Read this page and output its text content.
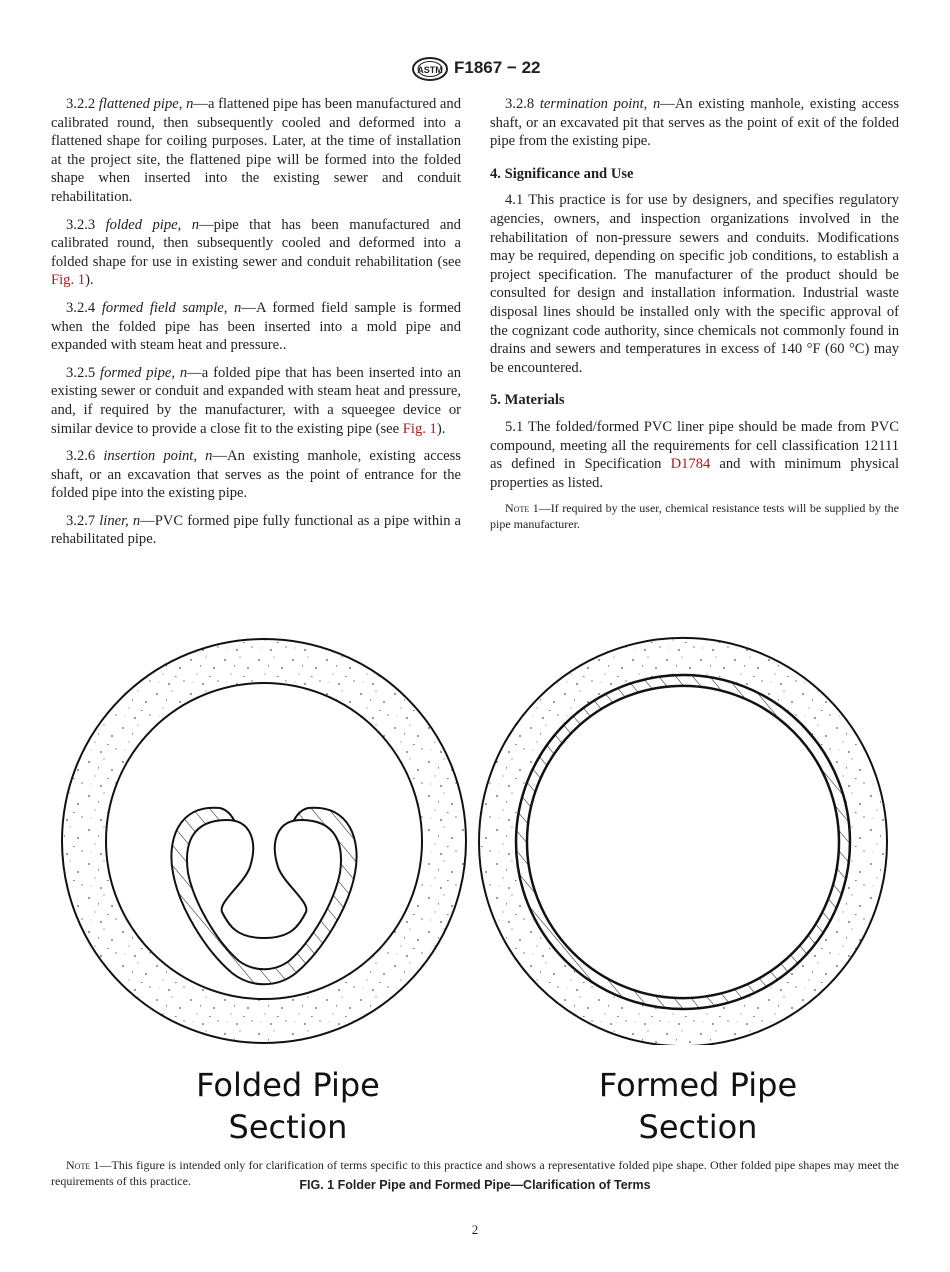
ASTM F1867 − 22

3.2.2 flattened pipe, n—a flattened pipe has been manufactured and calibrated round, then subsequently cooled and deformed into a flattened shape for coiling purposes. Later, at the time of installation at the project site, the flattened pipe will be formed into the folded shape when inserted into the existing sewer and conduit rehabilitation.

3.2.3 folded pipe, n—pipe that has been manufactured and calibrated round, then subsequently cooled and deformed into a folded shape for use in existing sewer and conduit rehabilitation (see Fig. 1).

3.2.4 formed field sample, n—A formed field sample is formed when the folded pipe has been inserted into a mold pipe and expanded with steam heat and pressure..

3.2.5 formed pipe, n—a folded pipe that has been inserted into an existing sewer or conduit and expanded with steam heat and pressure, and, if required by the manufacturer, with a squeegee device or similar device to provide a close fit to the existing pipe (see Fig. 1).

3.2.6 insertion point, n—An existing manhole, existing access shaft, or an excavation that serves as the point of entrance for the folded pipe into the existing pipe.

3.2.7 liner, n—PVC formed pipe fully functional as a pipe within a rehabilitated pipe.

3.2.8 termination point, n—An existing manhole, existing access shaft, or an excavated pit that serves as the point of exit of the folded pipe from the existing pipe.

4. Significance and Use

4.1 This practice is for use by designers, and specifies regulatory agencies, owners, and inspection organizations involved in the rehabilitation of non-pressure sewers and conduits. Modifications may be required, depending on specific job conditions, to establish a project specification. The manufacturer of the product should be consulted for design and installation information. Industrial waste disposal lines should be installed only with the specific approval of the cognizant code authority, since chemicals not commonly found in drains and sewers and temperatures in excess of 140 °F (60 °C) may be encountered.

5. Materials

5.1 The folded/formed PVC liner pipe should be made from PVC compound, meeting all the requirements for cell classification 12111 as defined in Specification D1784 and with minimum physical properties as listed.

Note 1—If required by the user, chemical resistance tests will be supplied by the pipe manufacturer.

Folded Pipe
Section
Formed Pipe
Section

Note 1—This figure is intended only for clarification of terms specific to this practice and shows a representative folded pipe shape. Other folded pipe shapes may meet the requirements of this practice.	FIG. 1 Folder Pipe and Formed Pipe—Clarification of Terms
2
